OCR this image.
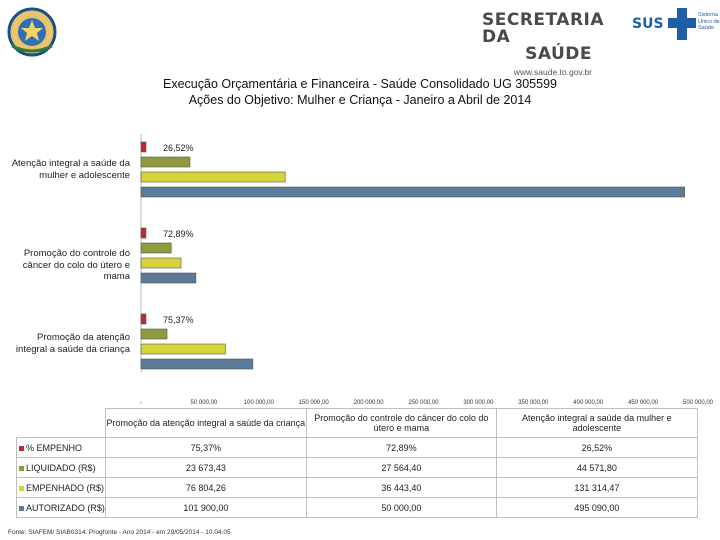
SECRETARIA DA
SAÚDE
www.saude.to.gov.br
SUS
Sistema Único de Saúde
Execução Orçamentária e Financeira - Saúde Consolidado UG 305599
Ações do Objetivo: Mulher e Criança - Janeiro a Abril de 2014
Atenção integral a saúde da mulher e adolescente
Promoção do controle do câncer do colo do útero e mama
Promoção da atenção integral a saúde da criança
26,52%
72,89%
75,37%
-	50 000,00	100 000,00	150 000,00	200 000,00	250 000,00	300 000,00	350 000,00	400 000,00	450 000,00	500 000,00
	Promoção da atenção integral a saúde da criança	Promoção do controle do câncer do colo do útero e mama	Atenção integral a saúde da mulher e adolescente
% EMPENHO	75,37%	72,89%	26,52%
LIQUIDADO (R$)	23 673,43	27 564,40	44 571,80
EMPENHADO (R$)	76 804,26	36 443,40	131 314,47
AUTORIZADO (R$)	101 900,00	50 000,00	495 090,00
Fonte: SIAFEM/ SIAB0314. Progfonte - Ano 2014 - em 29/05/2014 - 10.04.05
